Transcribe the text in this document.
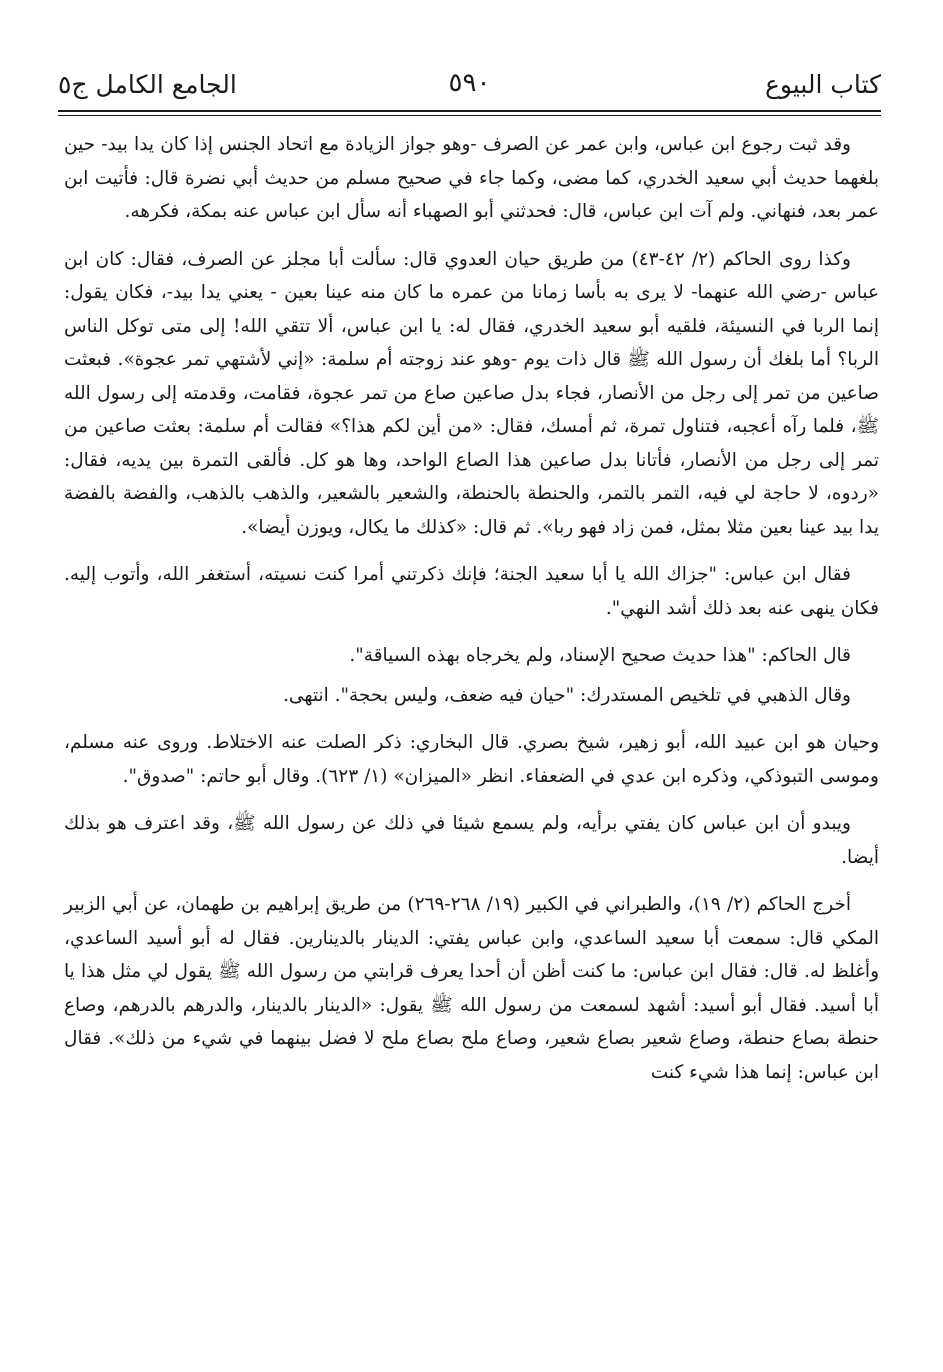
كتاب البيوع
٥٩٠
الجامع الكامل ج٥

وقد ثبت رجوع ابن عباس، وابن عمر عن الصرف -وهو جواز الزيادة مع اتحاد الجنس إذا كان يدا بيد- حين بلغهما حديث أبي سعيد الخدري، كما مضى، وكما جاء في صحيح مسلم من حديث أبي نضرة قال: فأتيت ابن عمر بعد، فنهاني. ولم آت ابن عباس، قال: فحدثني أبو الصهباء أنه سأل ابن عباس عنه بمكة، فكرهه.

وكذا روى الحاكم (٢/ ٤٢-٤٣) من طريق حيان العدوي قال: سألت أبا مجلز عن الصرف، فقال: كان ابن عباس -رضي الله عنهما- لا يرى به بأسا زمانا من عمره ما كان منه عينا بعين - يعني يدا بيد-، فكان يقول: إنما الربا في النسيئة، فلقيه أبو سعيد الخدري، فقال له: يا ابن عباس، ألا تتقي الله! إلى متى توكل الناس الربا؟ أما بلغك أن رسول الله ﷺ قال ذات يوم -وهو عند زوجته أم سلمة: «إني لأشتهي تمر عجوة». فبعثت صاعين من تمر إلى رجل من الأنصار، فجاء بدل صاعين صاع من تمر عجوة، فقامت، وقدمته إلى رسول الله ﷺ، فلما رآه أعجبه، فتناول تمرة، ثم أمسك، فقال: «من أين لكم هذا؟» فقالت أم سلمة: بعثت صاعين من تمر إلى رجل من الأنصار، فأتانا بدل صاعين هذا الصاع الواحد، وها هو كل. فألقى التمرة بين يديه، فقال: «ردوه، لا حاجة لي فيه، التمر بالتمر، والحنطة بالحنطة، والشعير بالشعير، والذهب بالذهب، والفضة بالفضة يدا بيد عينا بعين مثلا بمثل، فمن زاد فهو ربا». ثم قال: «كذلك ما يكال، ويوزن أيضا».

فقال ابن عباس: "جزاك الله يا أبا سعيد الجنة؛ فإنك ذكرتني أمرا كنت نسيته، أستغفر الله، وأتوب إليه. فكان ينهى عنه بعد ذلك أشد النهي".

قال الحاكم: "هذا حديث صحيح الإسناد، ولم يخرجاه بهذه السياقة".

وقال الذهبي في تلخيص المستدرك: "حيان فيه ضعف، وليس بحجة". انتهى.

وحيان هو ابن عبيد الله، أبو زهير، شيخ بصري. قال البخاري: ذكر الصلت عنه الاختلاط. وروى عنه مسلم، وموسى التبوذكي، وذكره ابن عدي في الضعفاء. انظر «الميزان» (١/ ٦٢٣). وقال أبو حاتم: "صدوق".

ويبدو أن ابن عباس كان يفتي برأيه، ولم يسمع شيئا في ذلك عن رسول الله ﷺ، وقد اعترف هو بذلك أيضا.

أخرج الحاكم (٢/ ١٩)، والطبراني في الكبير (١٩/ ٢٦٨-٢٦٩) من طريق إبراهيم بن طهمان، عن أبي الزبير المكي قال: سمعت أبا سعيد الساعدي، وابن عباس يفتي: الدينار بالدينارين. فقال له أبو أسيد الساعدي، وأغلظ له. قال: فقال ابن عباس: ما كنت أظن أن أحدا يعرف قرابتي من رسول الله ﷺ يقول لي مثل هذا يا أبا أسيد. فقال أبو أسيد: أشهد لسمعت من رسول الله ﷺ يقول: «الدينار بالدينار، والدرهم بالدرهم، وصاع حنطة بصاع حنطة، وصاع شعير بصاع شعير، وصاع ملح بصاع ملح لا فضل بينهما في شيء من ذلك». فقال ابن عباس: إنما هذا شيء كنت
